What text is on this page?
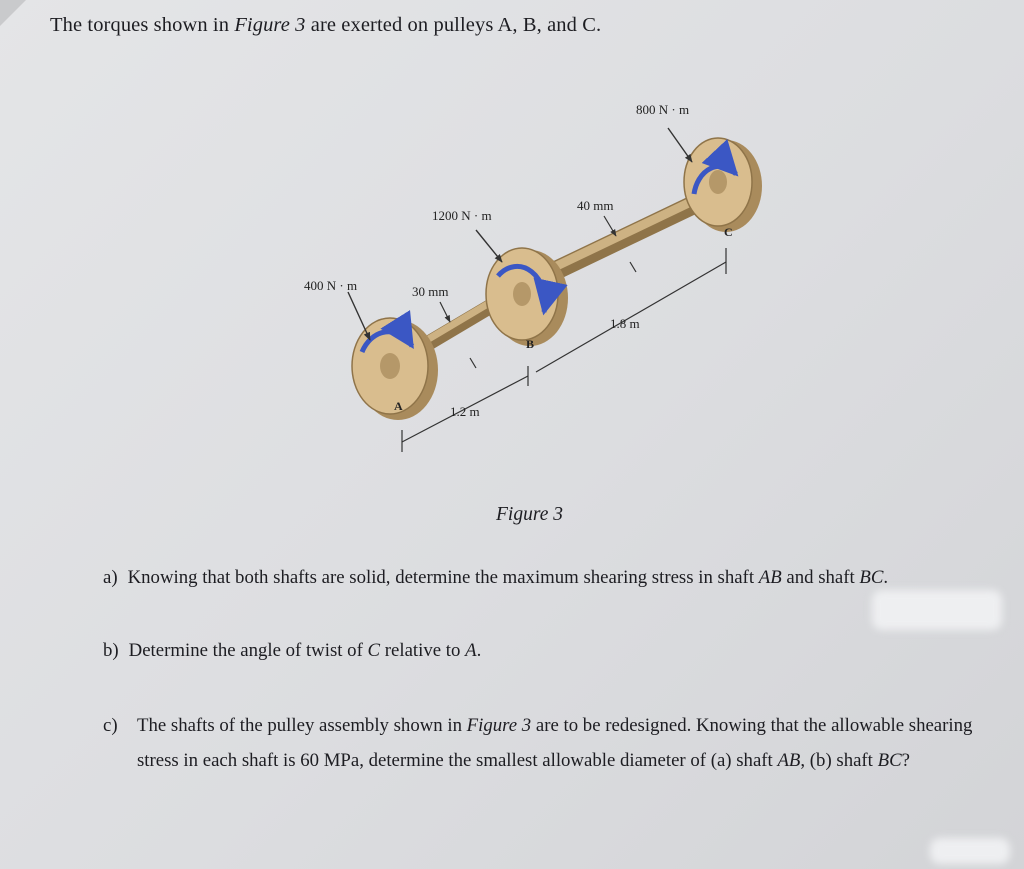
The torques shown in Figure 3 are exerted on pulleys A, B, and C.
400 N · m
1200 N · m
800 N · m
30 mm
40 mm
1.2 m
1.8 m
A
B
C
Figure 3

a) Knowing that both shafts are solid, determine the maximum shearing stress in shaft AB and shaft BC.

b) Determine the angle of twist of C relative to A.

c) The shafts of the pulley assembly shown in Figure 3 are to be redesigned. Knowing that the allowable shearing stress in each shaft is 60 MPa, determine the smallest allowable diameter of (a) shaft AB, (b) shaft BC?
